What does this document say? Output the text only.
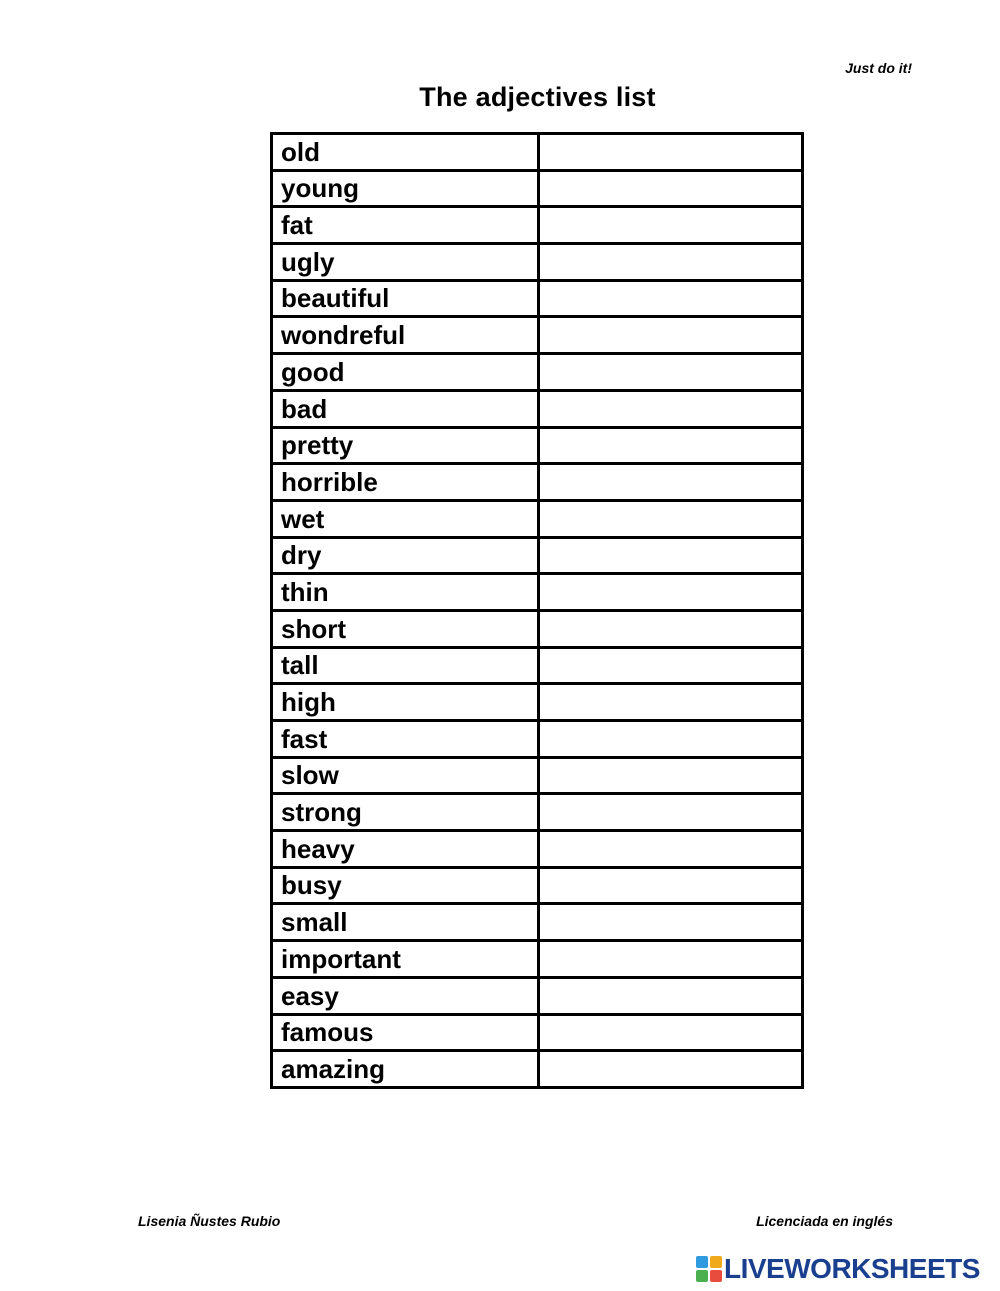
Just do it!
The adjectives list
old	
young	
fat	
ugly	
beautiful	
wondreful	
good	
bad	
pretty	
horrible	
wet	
dry	
thin	
short	
tall	
high	
fast	
slow	
strong	
heavy	
busy	
small	
important	
easy	
famous	
amazing	
Lisenia Ñustes Rubio	Licenciada en inglés
LIVEWORKSHEETS
